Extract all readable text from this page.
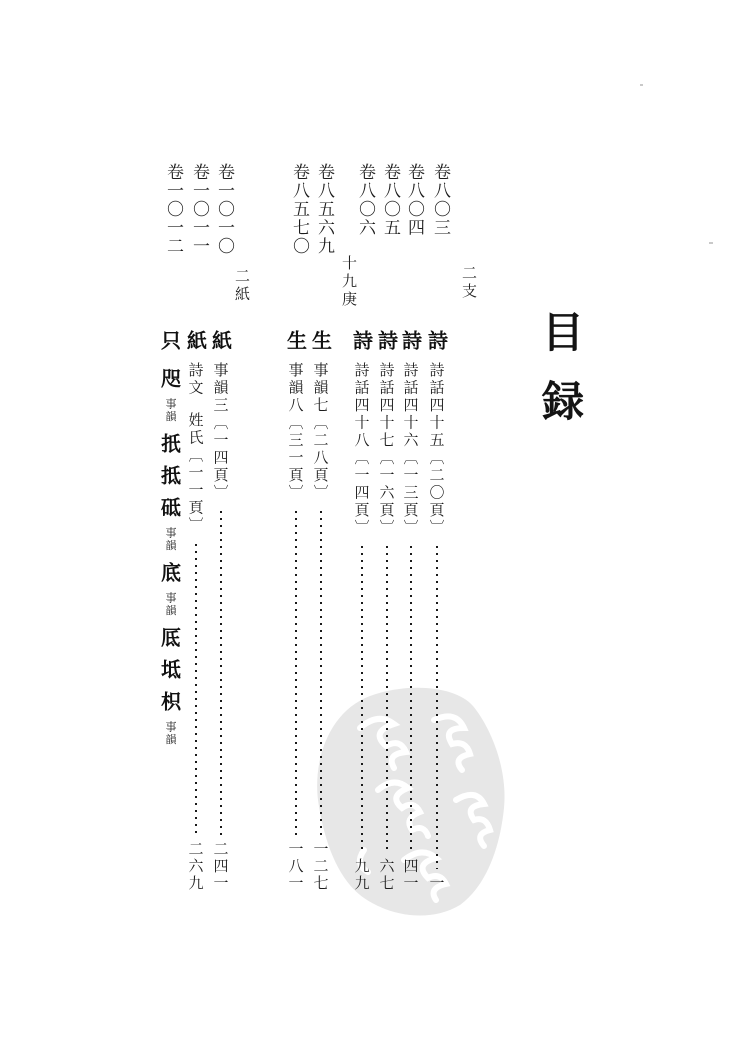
目録
卷八〇三
二支
詩
詩話四十五〔二〇頁〕
一
卷八〇四
詩
詩話四十六〔一三頁〕
四一
卷八〇五
詩
詩話四十七〔一六頁〕
六七
卷八〇六
詩
詩話四十八〔一四頁〕
九九
卷八五六九
十九庚
生
事韻七〔二八頁〕
一二七
卷八五七〇
生
事韻八〔三一頁〕
一八一
卷一〇一〇
二紙
紙
事韻三〔一四頁〕
二四一
卷一〇一一
紙
詩文
姓氏
〔一一頁〕
二六九
卷一〇一二
只
咫
事韻
扺
抵
砥
事韻
底
事韻
厎
坻
枳
事韻
